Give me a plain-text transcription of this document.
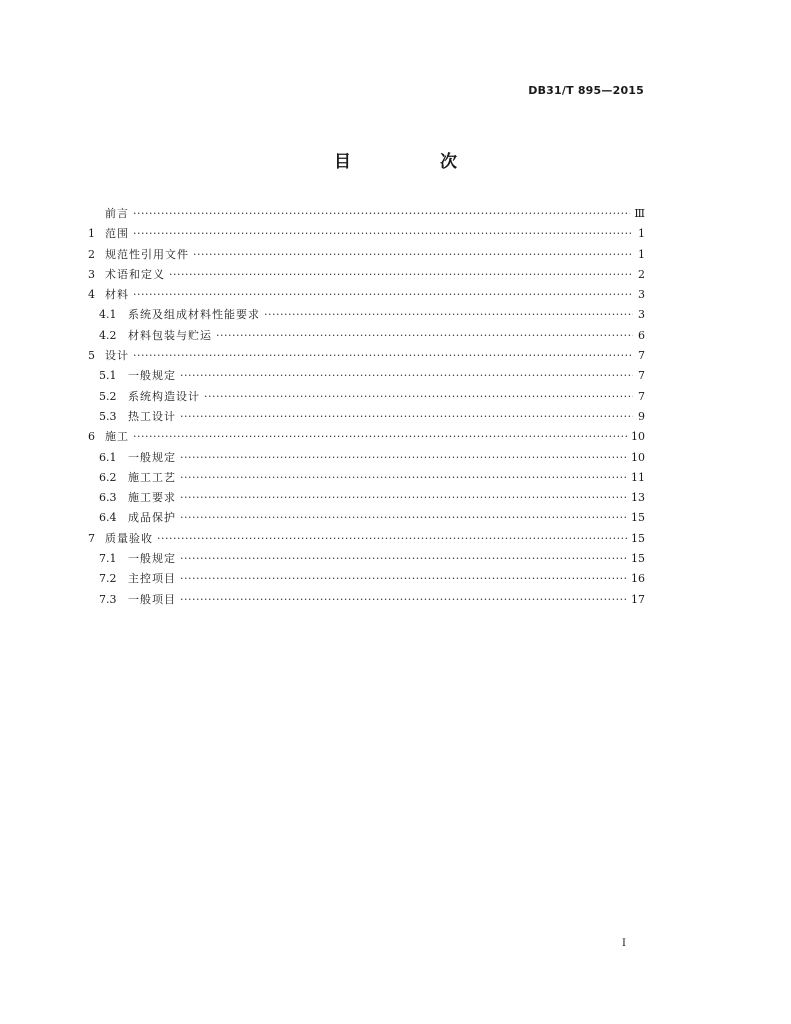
DB31/T 895—2015
目　次
前言 ·····	Ⅲ
1 范围 ·····	1
2 规范性引用文件 ·····	1
3 术语和定义 ·····	2
4 材料 ·····	3
4.1	系统及组成材料性能要求 ·····	3
4.2	材料包装与贮运 ·····	6
5 设计 ·····	7
5.1	一般规定 ·····	7
5.2	系统构造设计 ·····	7
5.3	热工设计 ·····	9
6 施工 ·····	10
6.1	一般规定 ·····	10
6.2	施工工艺 ·····	11
6.3	施工要求 ·····	13
6.4	成品保护 ·····	15
7 质量验收 ·····	15
7.1	一般规定 ·····	15
7.2	主控项目 ·····	16
7.3	一般项目 ·····	17
I
